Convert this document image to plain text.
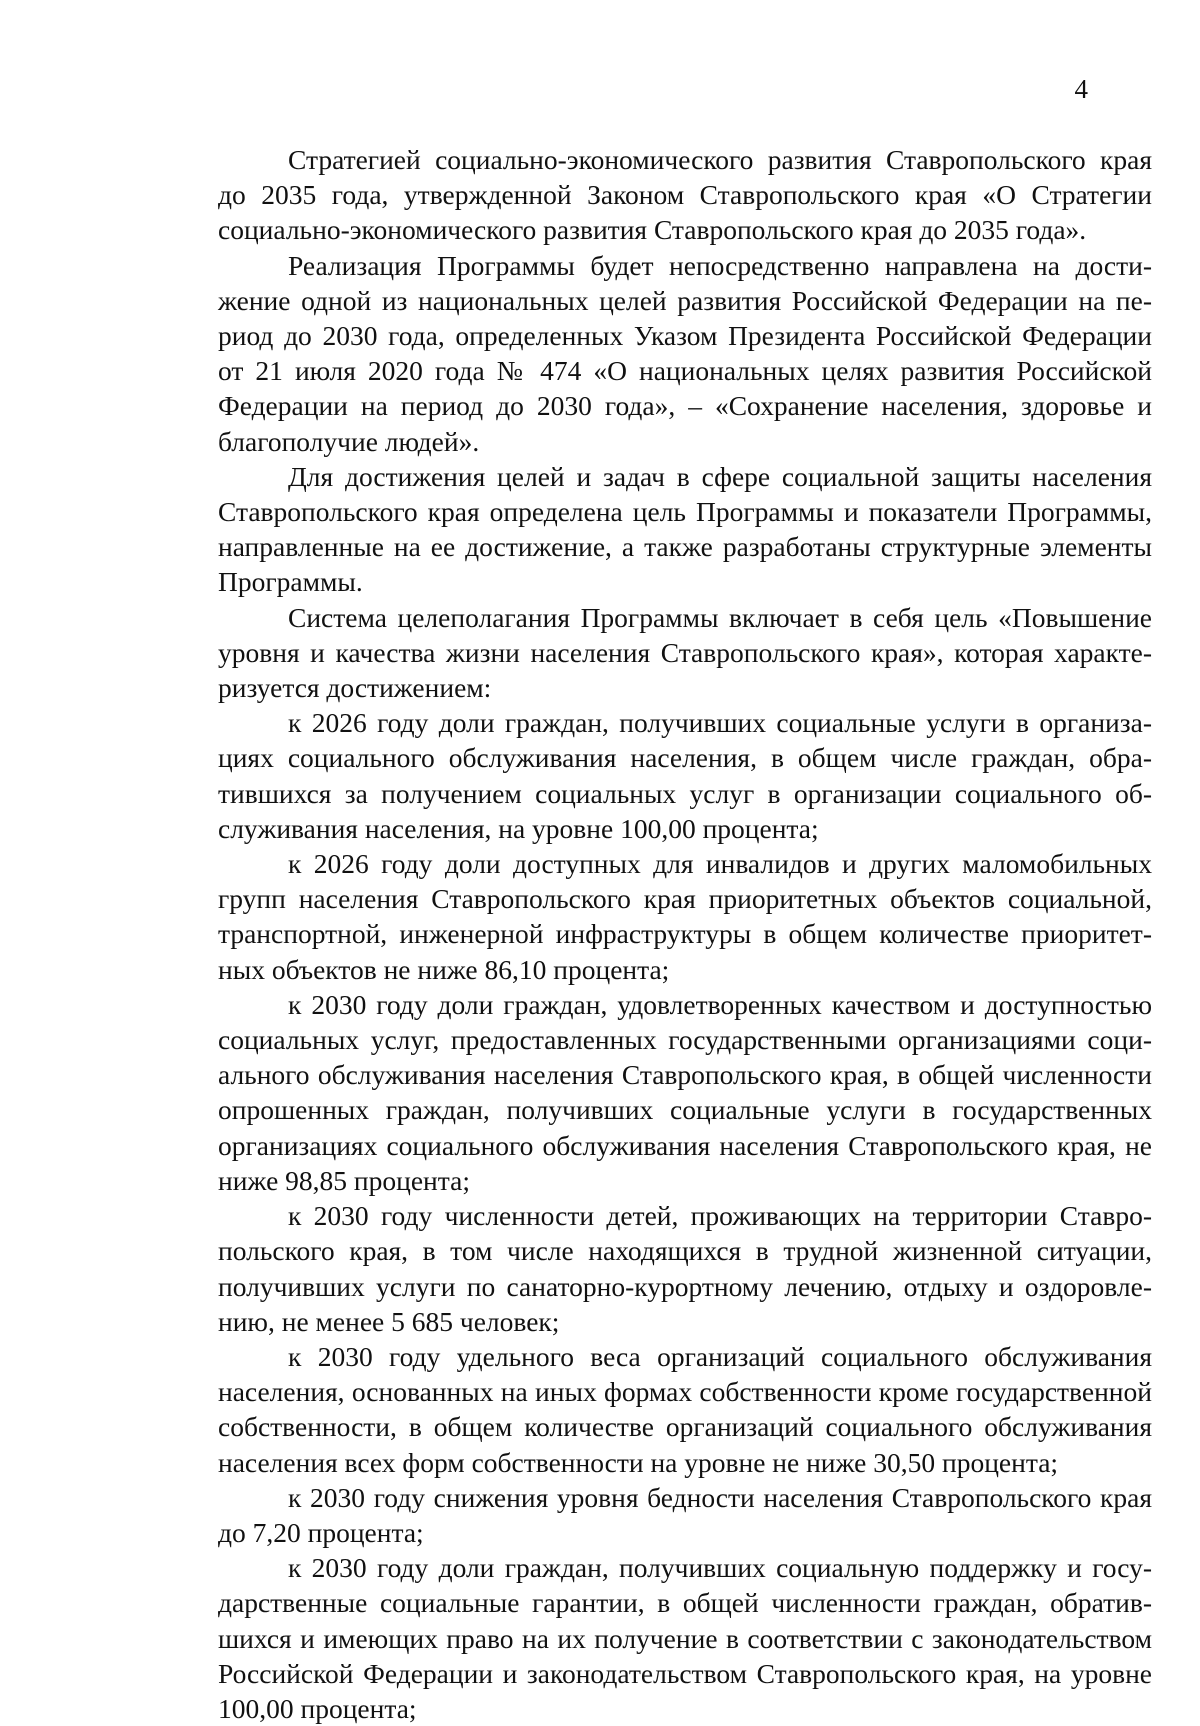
4

Стратегией социально-экономического развития Ставропольского края до 2035 года, утвержденной Законом Ставропольского края «О Стратегии социально-экономического развития Ставропольского края до 2035 года».

Реализация Программы будет непосредственно направлена на достижение одной из национальных целей развития Российской Федерации на период до 2030 года, определенных Указом Президента Российской Федерации от 21 июля 2020 года № 474 «О национальных целях развития Российской Федерации на период до 2030 года», – «Сохранение населения, здоровье и благополучие людей».

Для достижения целей и задач в сфере социальной защиты населения Ставропольского края определена цель Программы и показатели Программы, направленные на ее достижение, а также разработаны структурные элементы Программы.

Система целеполагания Программы включает в себя цель «Повышение уровня и качества жизни населения Ставропольского края», которая характеризуется достижением:

к 2026 году доли граждан, получивших социальные услуги в организациях социального обслуживания населения, в общем числе граждан, обратившихся за получением социальных услуг в организации социального обслуживания населения, на уровне 100,00 процента;

к 2026 году доли доступных для инвалидов и других маломобильных групп населения Ставропольского края приоритетных объектов социальной, транспортной, инженерной инфраструктуры в общем количестве приоритетных объектов не ниже 86,10 процента;

к 2030 году доли граждан, удовлетворенных качеством и доступностью социальных услуг, предоставленных государственными организациями социального обслуживания населения Ставропольского края, в общей численности опрошенных граждан, получивших социальные услуги в государственных организациях социального обслуживания населения Ставропольского края, не ниже 98,85 процента;

к 2030 году численности детей, проживающих на территории Ставропольского края, в том числе находящихся в трудной жизненной ситуации, получивших услуги по санаторно-курортному лечению, отдыху и оздоровлению, не менее 5 685 человек;

к 2030 году удельного веса организаций социального обслуживания населения, основанных на иных формах собственности кроме государственной собственности, в общем количестве организаций социального обслуживания населения всех форм собственности на уровне не ниже 30,50 процента;

к 2030 году снижения уровня бедности населения Ставропольского края до 7,20 процента;

к 2030 году доли граждан, получивших социальную поддержку и государственные социальные гарантии, в общей численности граждан, обратившихся и имеющих право на их получение в соответствии с законодательством Российской Федерации и законодательством Ставропольского края, на уровне 100,00 процента;
